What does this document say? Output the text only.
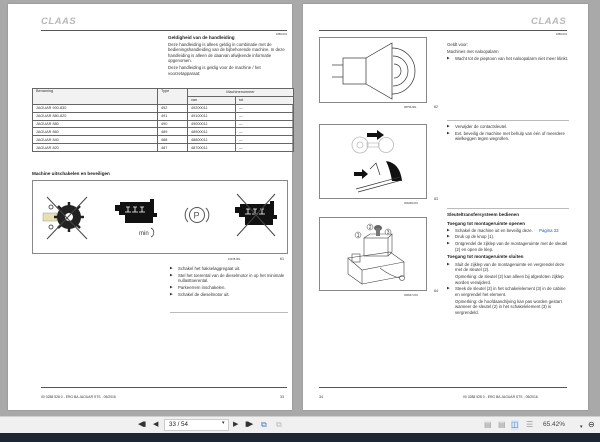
CLAAS
1869-001
Geldigheid van de handleiding
Deze handleiding is alleen geldig in combinatie met de bedieningshandleiding van de bijbehorende machine. In deze handleiding is alleen de daarvan afwijkende informatie opgenomen.
Deze handleiding is geldig voor de machine / het voorzetapparaat:
Benaming	Type	Machinenummer	
		van	tot
JAGUAR 900-830	492	49200011	—
JAGUAR 880-820	491	49100011	—
JAGUAR 880	490	49000011	—
JAGUAR 860	489	48900011	—
JAGUAR 840	488	48800011	—
JAGUAR 820	487	48700011	—
Machine uitschakelen en beveiligen
min
P
15078-001	61
▶ Schakel het hakselaggregaat uit.
▶ Stel het toerental van de dieselmotor in op het minimale nullasttoerental.
▶ Parkeerrem inschakelen.
▶ Schakel de dieselmotor uit.
00 0288 528 0 - ERG BA JAGUAR STS - 05/2016	33
CLAAS
1869-001
08756-001	62
Geldt voor:
Machines met naloopalarm
▶ Wacht tot de pieptoon van het naloopalarm niet meer klinkt.
300248-001
63
▶ Verwijder de contactsleutel.
▶ Evt. beveilig de machine met behulp van één of meerdere wielkeggen tegen wegrollen.
1
2
3
300007-001
64
Sleuteltransfersysteem bedienen
Toegang tot montageruimte openen
▶ Schakel de machine uit en beveilig deze. ☞ Pagina 33
▶ Druk op de knop (1).
▶ Ontgrendel de zijklep van de montageruimte met de sleutel (2) en open de klep.
Toegang tot montageruimte sluiten
▶ Sluit de zijklep van de montageruimte en vergrendel deze met de sleutel (2).
Opmerking: de sleutel (2) kan alleen bij afgesloten zijklep worden verwijderd.
▶ Steek de sleutel (2) in het schakelelement (3) in de cabine en vergrendel het element.
Opmerking: de hoofdaandrijving kan pas worden gestart wanneer de sleutel (2) in het schakelelement (3) is vergrendeld.
34	00 0288 528 0 - ERG BA JAGUAR STS - 05/2016
◀▮ ◀	33 / 54	▾ ▶ ▮▶ ⧉ ⧉	▤ ▤ ◫ ☰ 65.42%	▾ ⊖
